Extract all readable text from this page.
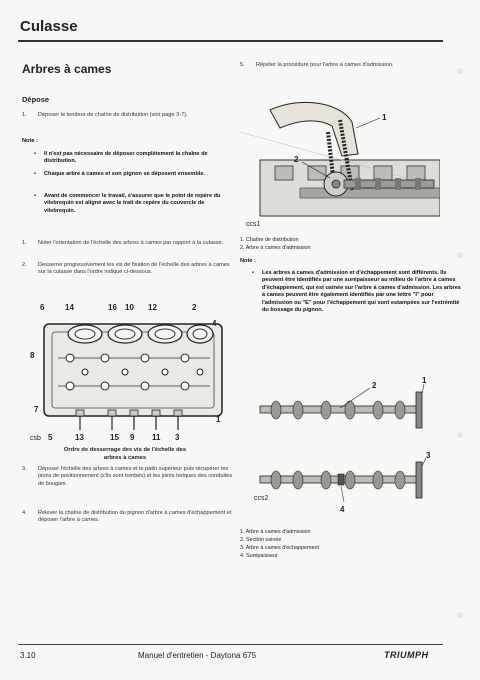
Culasse
Arbres à cames
Dépose
1. Déposer le tendeur de chaîne de distribution (voir page 3-7).
Note :
• Il n'est pas nécessaire de déposer complètement la chaîne de distribution.
• Chaque arbre à cames et son pignon se déposent ensemble.
• Avant de commencer le travail, s'assurer que le point de repère du vilebrequin est aligné avec le trait de repère du couvercle de vilebrequin.
1. Noter l'orientation de l'échelle des arbres à cames par rapport à la culasse.
2. Desserrer progressivement les vis de fixation de l'échelle des arbres à cames sur la culasse dans l'ordre indiqué ci-dessous.
6	14	16 10 12	2
4
8
7
csb 5	13	15 9 11 3
1
Ordre de desserrage des vis de l'échelle des arbres à cames
3. Déposer l'échelle des arbres à cames et le patin supérieur puis récupérer les pions de positionnement (s'ils sont tombés) et les joints toriques des conduites de bougies.
4. Relever la chaîne de distribution du pignon d'arbre à cames d'échappement et déposer l'arbre à cames.
5. Répéter la procédure pour l'arbre à cames d'admission.
1
2
ccs1
1. Chaîne de distribution
2. Arbre à cames d'admission
Note :
• Les arbres à cames d'admission et d'échappement sont différents. Ils peuvent être identifiés par une surépaisseur au milieu de l'arbre à cames d'échappement, qui est usinée sur l'arbre à cames d'admission. Les arbres à cames peuvent être également identifiés par une lettre "I" pour l'admission ou "E" pour l'échappement qui sont estampées sur l'extrémité du bossage du pignon.
2
1
3
4
ccs2
1. Arbre à cames d'admission
2. Section usinée
3. Arbre à cames d'échappement
4. Surépaisseur
3.10	Manuel d'entretien - Daytona 675	TRIUMPH
